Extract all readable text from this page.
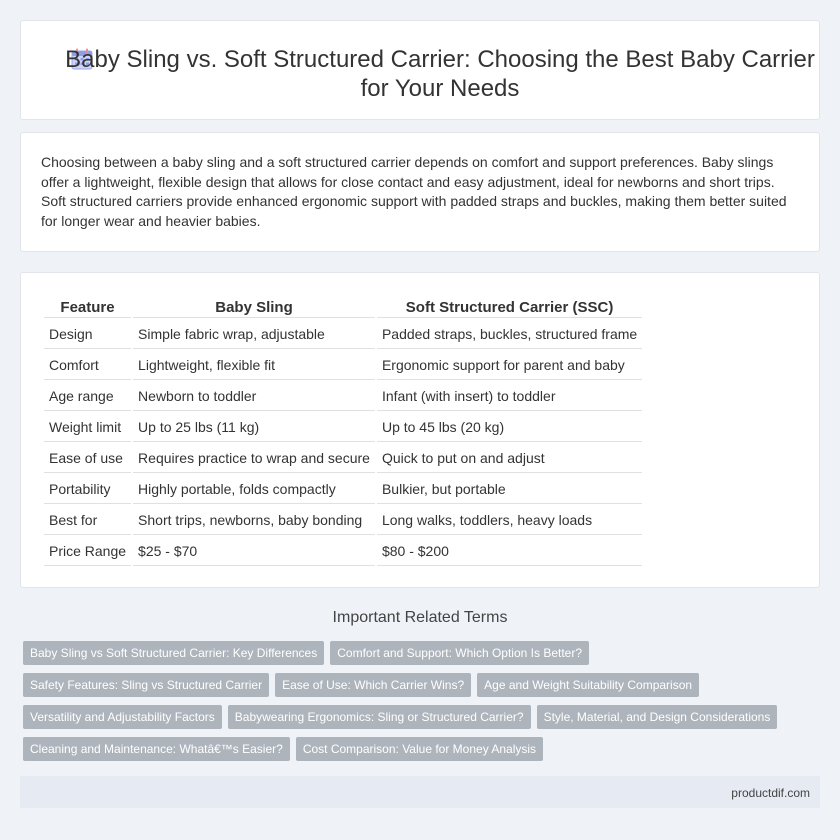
Baby Sling vs. Soft Structured Carrier: Choosing the Best Baby Carrier for Your Needs

Choosing between a baby sling and a soft structured carrier depends on comfort and support preferences. Baby slings offer a lightweight, flexible design that allows for close contact and easy adjustment, ideal for newborns and short trips. Soft structured carriers provide enhanced ergonomic support with padded straps and buckles, making them better suited for longer wear and heavier babies.

Feature	Baby Sling	Soft Structured Carrier (SSC)
Design	Simple fabric wrap, adjustable	Padded straps, buckles, structured frame
Comfort	Lightweight, flexible fit	Ergonomic support for parent and baby
Age range	Newborn to toddler	Infant (with insert) to toddler
Weight limit	Up to 25 lbs (11 kg)	Up to 45 lbs (20 kg)
Ease of use	Requires practice to wrap and secure	Quick to put on and adjust
Portability	Highly portable, folds compactly	Bulkier, but portable
Best for	Short trips, newborns, baby bonding	Long walks, toddlers, heavy loads
Price Range	$25 - $70	$80 - $200
Important Related Terms
Baby Sling vs Soft Structured Carrier: Key Differences Comfort and Support: Which Option Is Better?
Safety Features: Sling vs Structured Carrier Ease of Use: Which Carrier Wins? Age and Weight Suitability Comparison
Versatility and Adjustability Factors Babywearing Ergonomics: Sling or Structured Carrier? Style, Material, and Design Considerations
Cleaning and Maintenance: Whatâ€™s Easier? Cost Comparison: Value for Money Analysis
productdif.com
